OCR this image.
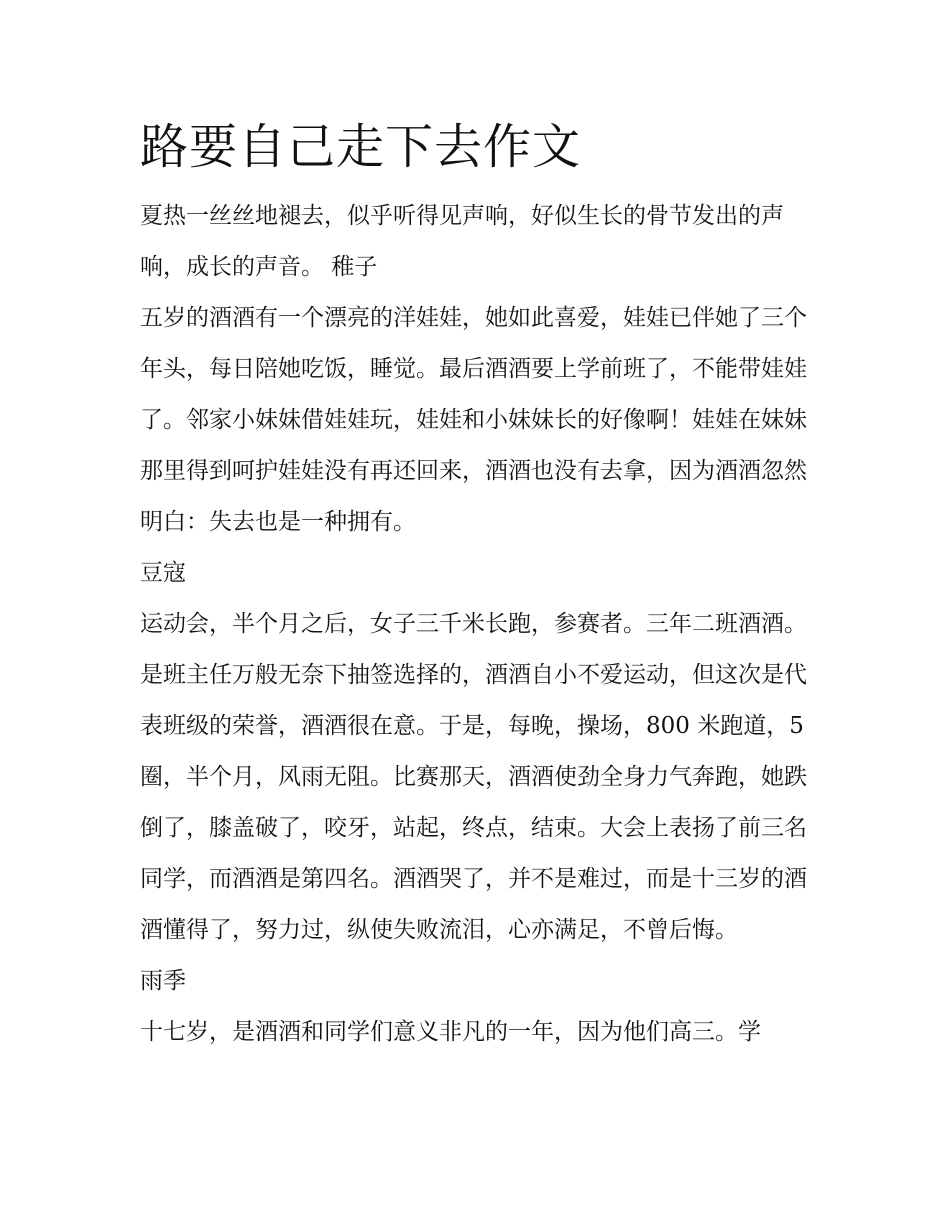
路要自己走下去作文

夏热一丝丝地褪去，似乎听得见声响，好似生长的骨节发出的声响，成长的声音。 稚子

五岁的酒酒有一个漂亮的洋娃娃，她如此喜爱，娃娃已伴她了三个年头，每日陪她吃饭，睡觉。最后酒酒要上学前班了，不能带娃娃了。邻家小妹妹借娃娃玩，娃娃和小妹妹长的好像啊！娃娃在妹妹那里得到呵护娃娃没有再还回来，酒酒也没有去拿，因为酒酒忽然明白：失去也是一种拥有。

豆寇

运动会，半个月之后，女子三千米长跑，参赛者。三年二班酒酒。是班主任万般无奈下抽签选择的，酒酒自小不爱运动，但这次是代表班级的荣誉，酒酒很在意。于是，每晚，操场，800 米跑道，5 圈，半个月，风雨无阻。比赛那天，酒酒使劲全身力气奔跑，她跌倒了，膝盖破了，咬牙，站起，终点，结束。大会上表扬了前三名同学，而酒酒是第四名。酒酒哭了，并不是难过，而是十三岁的酒酒懂得了，努力过，纵使失败流泪，心亦满足，不曾后悔。

雨季

十七岁，是酒酒和同学们意义非凡的一年，因为他们高三。学
